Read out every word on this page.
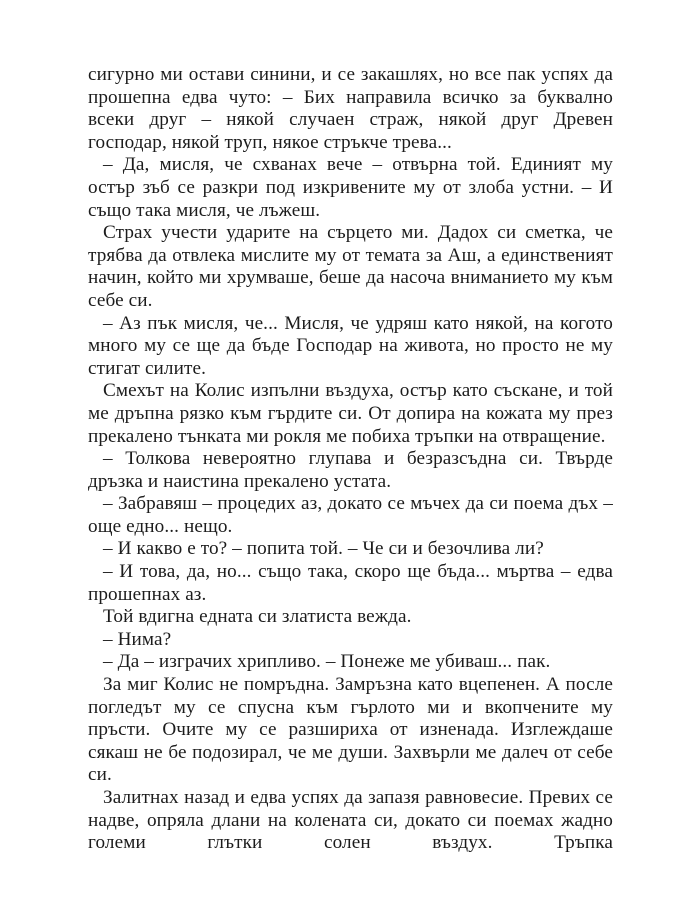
сигурно ми остави синини, и се закашлях, но все пак успях да прошепна едва чуто: – Бих направила всичко за буквално всеки друг – някой случаен страж, някой друг Древен господар, някой труп, някое стръкче трева...

– Да, мисля, че схванах вече – отвърна той. Единият му остър зъб се разкри под изкривените му от злоба устни. – И също така мисля, че лъжеш.

Страх учести ударите на сърцето ми. Дадох си сметка, че трябва да отвлека мислите му от темата за Аш, а единственият начин, който ми хрумваше, беше да насоча вниманието му към себе си.

– Аз пък мисля, че... Мисля, че удряш като някой, на когото много му се ще да бъде Господар на живота, но просто не му стигат силите.

Смехът на Колис изпълни въздуха, остър като съскане, и той ме дръпна рязко към гърдите си. От допира на кожата му през прекалено тънката ми рокля ме побиха тръпки на отвращение.

– Толкова невероятно глупава и безразсъдна си. Твърде дръзка и наистина прекалено устата.

– Забравяш – процедих аз, докато се мъчех да си поема дъх – още едно... нещо.

– И какво е то? – попита той. – Че си и безочлива ли?

– И това, да, но... също така, скоро ще бъда... мъртва – едва прошепнах аз.

Той вдигна едната си златиста вежда.

– Нима?

– Да – изграчих хрипливо. – Понеже ме убиваш... пак.

За миг Колис не помръдна. Замръзна като вцепенен. А после погледът му се спусна към гърлото ми и вкопчените му пръсти. Очите му се разшириха от изненада. Изглеждаше сякаш не бе подозирал, че ме души. Захвърли ме далеч от себе си.

Залитнах назад и едва успях да запазя равновесие. Превих се надве, опряла длани на колената си, докато си поемах жадно големи глътки солен въздух. Тръпка
